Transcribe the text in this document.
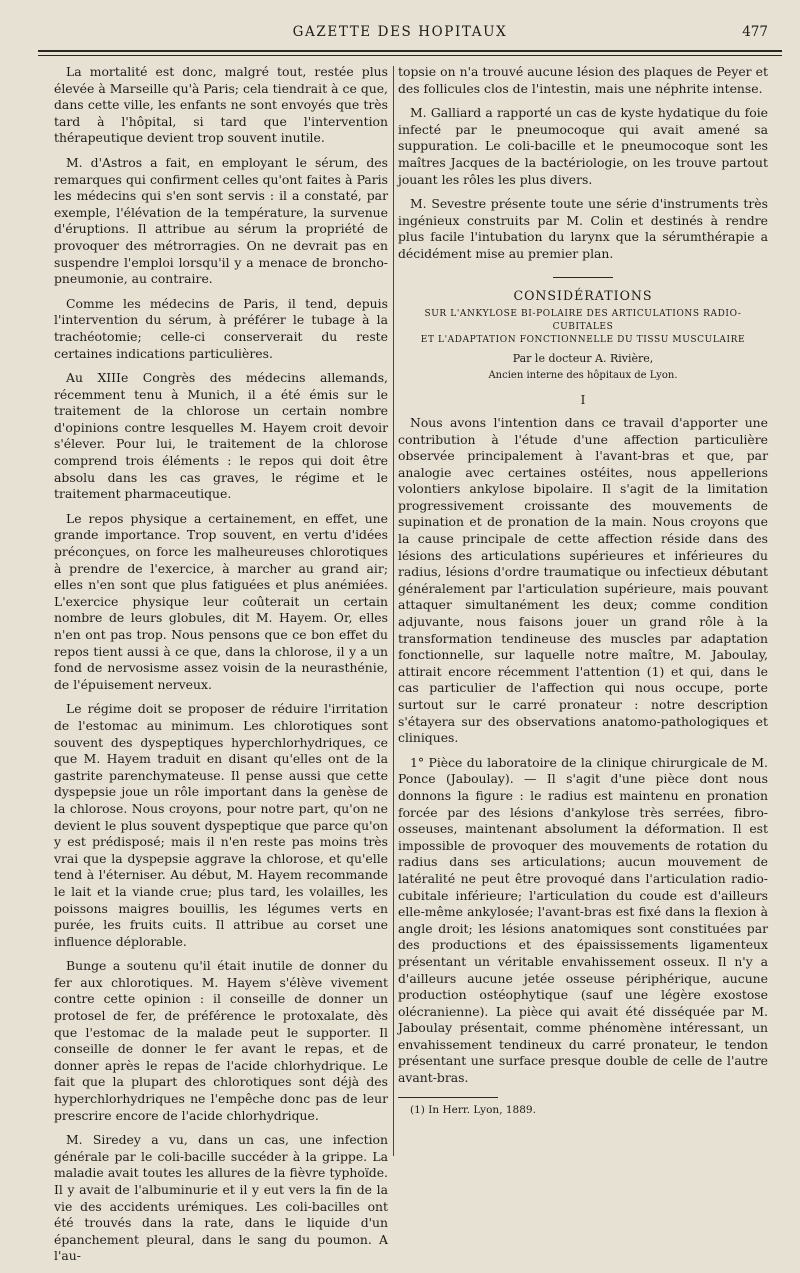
GAZETTE DES HOPITAUX	477

La mortalité est donc, malgré tout, restée plus élevée à Marseille qu'à Paris; cela tiendrait à ce que, dans cette ville, les enfants ne sont envoyés que très tard à l'hôpital, si tard que l'intervention thérapeutique devient trop souvent inutile.

M. d'Astros a fait, en employant le sérum, des remarques qui confirment celles qu'ont faites à Paris les médecins qui s'en sont servis : il a constaté, par exemple, l'élévation de la température, la survenue d'éruptions. Il attribue au sérum la propriété de provoquer des métrorragies. On ne devrait pas en suspendre l'emploi lorsqu'il y a menace de broncho-pneumonie, au contraire.

Comme les médecins de Paris, il tend, depuis l'intervention du sérum, à préférer le tubage à la trachéotomie; celle-ci conserverait du reste certaines indications particulières.

Au XIIIe Congrès des médecins allemands, récemment tenu à Munich, il a été émis sur le traitement de la chlorose un certain nombre d'opinions contre lesquelles M. Hayem croit devoir s'élever. Pour lui, le traitement de la chlorose comprend trois éléments : le repos qui doit être absolu dans les cas graves, le régime et le traitement pharmaceutique.

Le repos physique a certainement, en effet, une grande importance. Trop souvent, en vertu d'idées préconçues, on force les malheureuses chlorotiques à prendre de l'exercice, à marcher au grand air; elles n'en sont que plus fatiguées et plus anémiées. L'exercice physique leur coûterait un certain nombre de leurs globules, dit M. Hayem. Or, elles n'en ont pas trop. Nous pensons que ce bon effet du repos tient aussi à ce que, dans la chlorose, il y a un fond de nervosisme assez voisin de la neurasthénie, de l'épuisement nerveux.

Le régime doit se proposer de réduire l'irritation de l'estomac au minimum. Les chlorotiques sont souvent des dyspeptiques hyperchlorhydriques, ce que M. Hayem traduit en disant qu'elles ont de la gastrite parenchymateuse. Il pense aussi que cette dyspepsie joue un rôle important dans la genèse de la chlorose. Nous croyons, pour notre part, qu'on ne devient le plus souvent dyspeptique que parce qu'on y est prédisposé; mais il n'en reste pas moins très vrai que la dyspepsie aggrave la chlorose, et qu'elle tend à l'éterniser. Au début, M. Hayem recommande le lait et la viande crue; plus tard, les volailles, les poissons maigres bouillis, les légumes verts en purée, les fruits cuits. Il attribue au corset une influence déplorable.

Bunge a soutenu qu'il était inutile de donner du fer aux chlorotiques. M. Hayem s'élève vivement contre cette opinion : il conseille de donner un protosel de fer, de préférence le protoxalate, dès que l'estomac de la malade peut le supporter. Il conseille de donner le fer avant le repas, et de donner après le repas de l'acide chlorhydrique. Le fait que la plupart des chlorotiques sont déjà des hyperchlorhydriques ne l'empêche donc pas de leur prescrire encore de l'acide chlorhydrique.

M. Siredey a vu, dans un cas, une infection générale par le coli-bacille succéder à la grippe. La maladie avait toutes les allures de la fièvre typhoïde. Il y avait de l'albuminurie et il y eut vers la fin de la vie des accidents urémiques. Les coli-bacilles ont été trouvés dans la rate, dans le liquide d'un épanchement pleural, dans le sang du poumon. A l'au-

topsie on n'a trouvé aucune lésion des plaques de Peyer et des follicules clos de l'intestin, mais une néphrite intense.

M. Galliard a rapporté un cas de kyste hydatique du foie infecté par le pneumocoque qui avait amené sa suppuration. Le coli-bacille et le pneumocoque sont les maîtres Jacques de la bactériologie, on les trouve partout jouant les rôles les plus divers.

M. Sevestre présente toute une série d'instruments très ingénieux construits par M. Colin et destinés à rendre plus facile l'intubation du larynx que la sérumthérapie a décidément mise au premier plan.

CONSIDÉRATIONS
SUR L'ANKYLOSE BI-POLAIRE DES ARTICULATIONS RADIO-CUBITALES
ET L'ADAPTATION FONCTIONNELLE DU TISSU MUSCULAIRE
Par le docteur A. Rivière,
Ancien interne des hôpitaux de Lyon.
I

Nous avons l'intention dans ce travail d'apporter une contribution à l'étude d'une affection particulière observée principalement à l'avant-bras et que, par analogie avec certaines ostéites, nous appellerions volontiers ankylose bipolaire. Il s'agit de la limitation progressivement croissante des mouvements de supination et de pronation de la main. Nous croyons que la cause principale de cette affection réside dans des lésions des articulations supérieures et inférieures du radius, lésions d'ordre traumatique ou infectieux débutant généralement par l'articulation supérieure, mais pouvant attaquer simultanément les deux; comme condition adjuvante, nous faisons jouer un grand rôle à la transformation tendineuse des muscles par adaptation fonctionnelle, sur laquelle notre maître, M. Jaboulay, attirait encore récemment l'attention (1) et qui, dans le cas particulier de l'affection qui nous occupe, porte surtout sur le carré pronateur : notre description s'étayera sur des observations anatomo-pathologiques et cliniques.

1° Pièce du laboratoire de la clinique chirurgicale de M. Ponce (Jaboulay). — Il s'agit d'une pièce dont nous donnons la figure : le radius est maintenu en pronation forcée par des lésions d'ankylose très serrées, fibro-osseuses, maintenant absolument la déformation. Il est impossible de provoquer des mouvements de rotation du radius dans ses articulations; aucun mouvement de latéralité ne peut être provoqué dans l'articulation radio-cubitale inférieure; l'articulation du coude est d'ailleurs elle-même ankylosée; l'avant-bras est fixé dans la flexion à angle droit; les lésions anatomiques sont constituées par des productions et des épaississements ligamenteux présentant un véritable envahissement osseux. Il n'y a d'ailleurs aucune jetée osseuse périphérique, aucune production ostéophytique (sauf une légère exostose olécranienne). La pièce qui avait été disséquée par M. Jaboulay présentait, comme phénomène intéressant, un envahissement tendineux du carré pronateur, le tendon présentant une surface presque double de celle de l'autre avant-bras.

(1) In Herr. Lyon, 1889.
